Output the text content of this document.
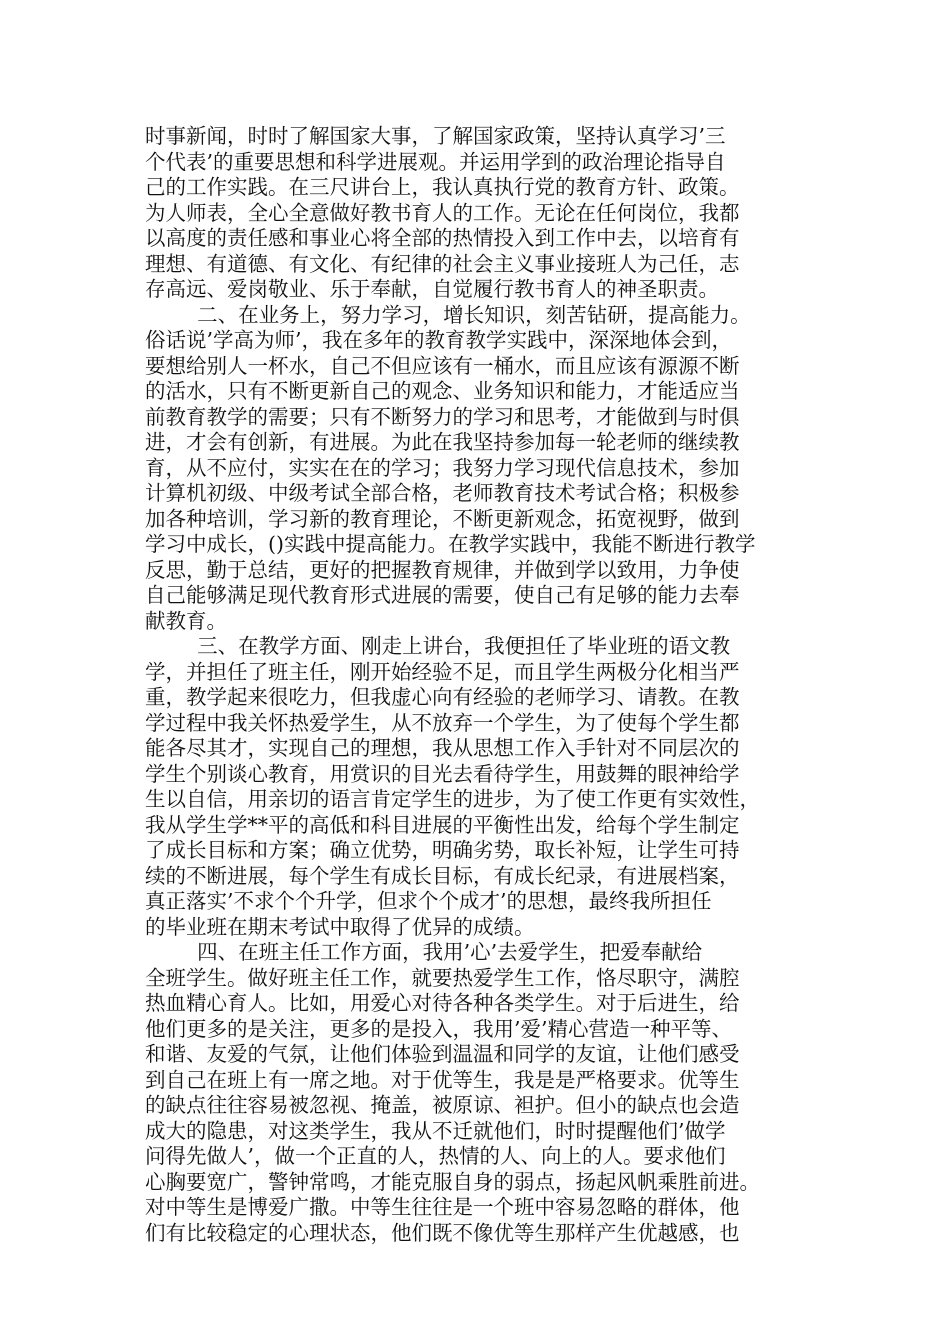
时事新闻，时时了解国家大事，了解国家政策，坚持认真学习’三
个代表’的重要思想和科学进展观。并运用学到的政治理论指导自
己的工作实践。在三尺讲台上，我认真执行党的教育方针、政策。
为人师表，全心全意做好教书育人的工作。无论在任何岗位，我都
以高度的责任感和事业心将全部的热情投入到工作中去，以培育有
理想、有道德、有文化、有纪律的社会主义事业接班人为己任，志
存高远、爱岗敬业、乐于奉献，自觉履行教书育人的神圣职责。
二、在业务上，努力学习，增长知识，刻苦钻研，提高能力。
俗话说’学高为师’，我在多年的教育教学实践中，深深地体会到，
要想给别人一杯水，自己不但应该有一桶水，而且应该有源源不断
的活水，只有不断更新自己的观念、业务知识和能力，才能适应当
前教育教学的需要；只有不断努力的学习和思考，才能做到与时俱
进，才会有创新，有进展。为此在我坚持参加每一轮老师的继续教
育，从不应付，实实在在的学习；我努力学习现代信息技术，参加
计算机初级、中级考试全部合格，老师教育技术考试合格；积极参
加各种培训，学习新的教育理论，不断更新观念，拓宽视野，做到
学习中成长，()实践中提高能力。在教学实践中，我能不断进行教学
反思，勤于总结，更好的把握教育规律，并做到学以致用，力争使
自己能够满足现代教育形式进展的需要，使自己有足够的能力去奉
献教育。
三、在教学方面、刚走上讲台，我便担任了毕业班的语文教
学，并担任了班主任，刚开始经验不足，而且学生两极分化相当严
重，教学起来很吃力，但我虚心向有经验的老师学习、请教。在教
学过程中我关怀热爱学生，从不放弃一个学生，为了使每个学生都
能各尽其才，实现自己的理想，我从思想工作入手针对不同层次的
学生个别谈心教育，用赏识的目光去看待学生，用鼓舞的眼神给学
生以自信，用亲切的语言肯定学生的进步，为了使工作更有实效性，
我从学生学**平的高低和科目进展的平衡性出发，给每个学生制定
了成长目标和方案；确立优势，明确劣势，取长补短，让学生可持
续的不断进展，每个学生有成长目标，有成长纪录，有进展档案，
真正落实’不求个个升学，但求个个成才’的思想，最终我所担任
的毕业班在期末考试中取得了优异的成绩。
四、在班主任工作方面，我用’心’去爱学生，把爱奉献给
全班学生。做好班主任工作，就要热爱学生工作，恪尽职守，满腔
热血精心育人。比如，用爱心对待各种各类学生。对于后进生，给
他们更多的是关注，更多的是投入，我用’爱’精心营造一种平等、
和谐、友爱的气氛，让他们体验到温温和同学的友谊，让他们感受
到自己在班上有一席之地。对于优等生，我是是严格要求。优等生
的缺点往往容易被忽视、掩盖，被原谅、袒护。但小的缺点也会造
成大的隐患，对这类学生，我从不迁就他们，时时提醒他们’做学
问得先做人’，做一个正直的人，热情的人、向上的人。要求他们
心胸要宽广，警钟常鸣，才能克服自身的弱点，扬起风帆乘胜前进。
对中等生是博爱广撒。中等生往往是一个班中容易忽略的群体，他
们有比较稳定的心理状态，他们既不像优等生那样产生优越感，也
